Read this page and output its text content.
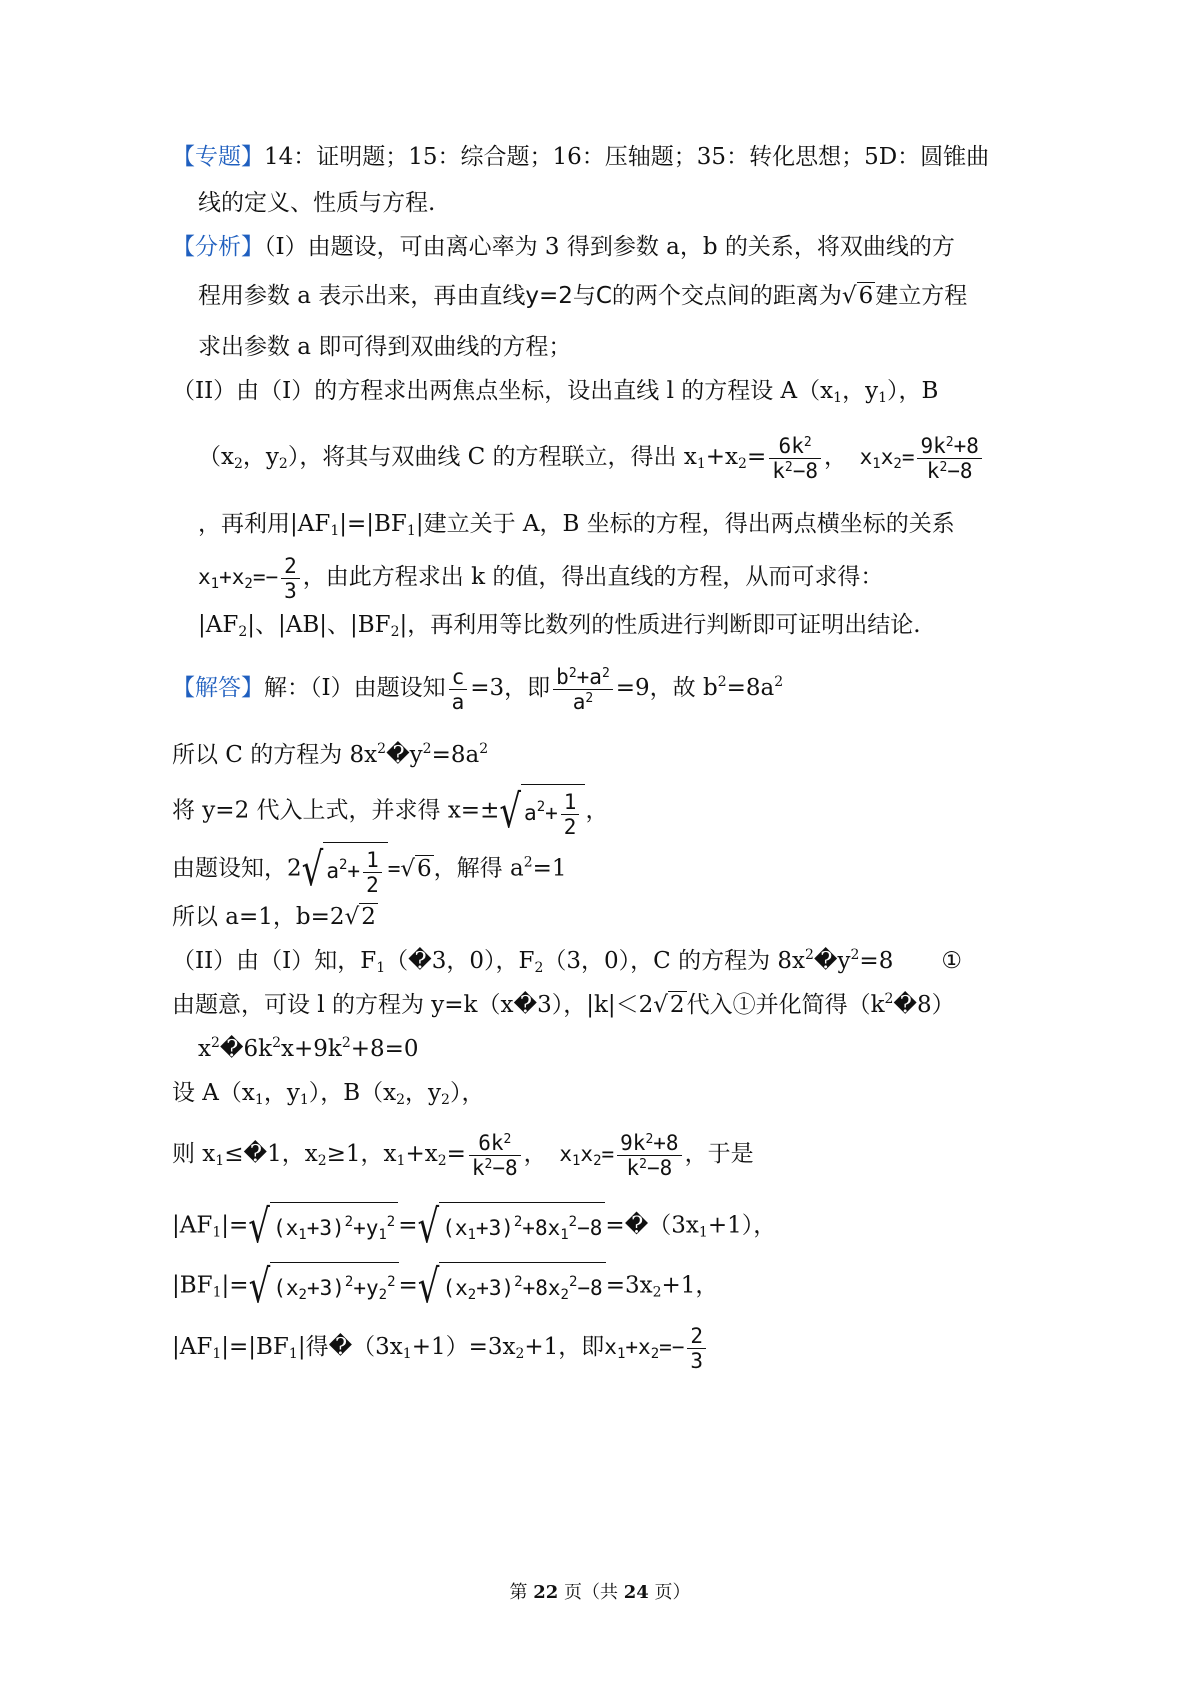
【专题】14：证明题；15：综合题；16：压轴题；35：转化思想；5D：圆锥曲
线的定义、性质与方程.
【分析】（I）由题设，可由离心率为 3 得到参数 a，b 的关系，将双曲线的方
程用参数 a 表示出来，再由直线y=2与C的两个交点间的距离为√6建立方程
求出参数 a 即可得到双曲线的方程；
（II）由（I）的方程求出两焦点坐标，设出直线 l 的方程设 $A(x_1$，$y_1$），B
（$x_2$，$y_2$），将其与双曲线 C 的方程联立，得出 $x_1+x_2= \frac{6k^2}{k^2-8}$ ， $x_1x_2= \frac{9k^2+8}{k^2-8}$
，再利用$|AF_1|=|BF_1|$建立关于 A，B 坐标的方程，得出两点横坐标的关系
$x_1+x_2=- \frac{2}{3}$ ，由此方程求出 k 的值，得出直线的方程，从而可求得：
$|AF_2|$、|AB|、$|BF_2|$，再利用等比数列的性质进行判断即可证明出结论.
【解答】解：（I）由题设知 $\frac{c}{a} =3$，即 $\frac{b^2+a^2}{a^2} =9$，故 $b^2=8a^2$
所以 C 的方程为 $8x^2�y^2=8a^2$
将 y=2 代入上式，并求得 x=±√ $a^2+ \frac{1}{2}$ ，
由题设知，2√ $a^2+ \frac{1}{2} =√6$，解得 $a^2=1$
所以 a=1，b=2√2
（II）由（I）知，$F_1(�3$，0），$F_2(3$，0），C 的方程为 $8x^2�y^2=8$ ①
由题意，可设 l 的方程为 y=k（x�3），|k|＜2√2代入①并化简得$(k^2�8)$
$x^2�6k^2x+9k^2+8=0$
设 $A(x_1$，$y_1$），$B(x_2$，$y_2$），
则 $x_1\le�1$，$x_2\ge 1$，$x_1+x_2= \frac{6k^2}{k^2-8}$ ， $x_1x_2= \frac{9k^2+8}{k^2-8}$ ，于是
$|AF_1|=√$ $(x_1+3)^2+y_1^2$ =√ $(x_1+3)^2+8x_1^2-8$ $=�(3x_1+1)$，
$|BF_1|=√$ $(x_2+3)^2+y_2^2$ =√ $(x_2+3)^2+8x_2^2-8 =3x_2+1$，
$|AF_1|=|BF_1|$得$�(3x_1+1)=3x_2+1$，即$x_1+x_2=- \frac{2}{3}$
第 22 页（共 24 页）
